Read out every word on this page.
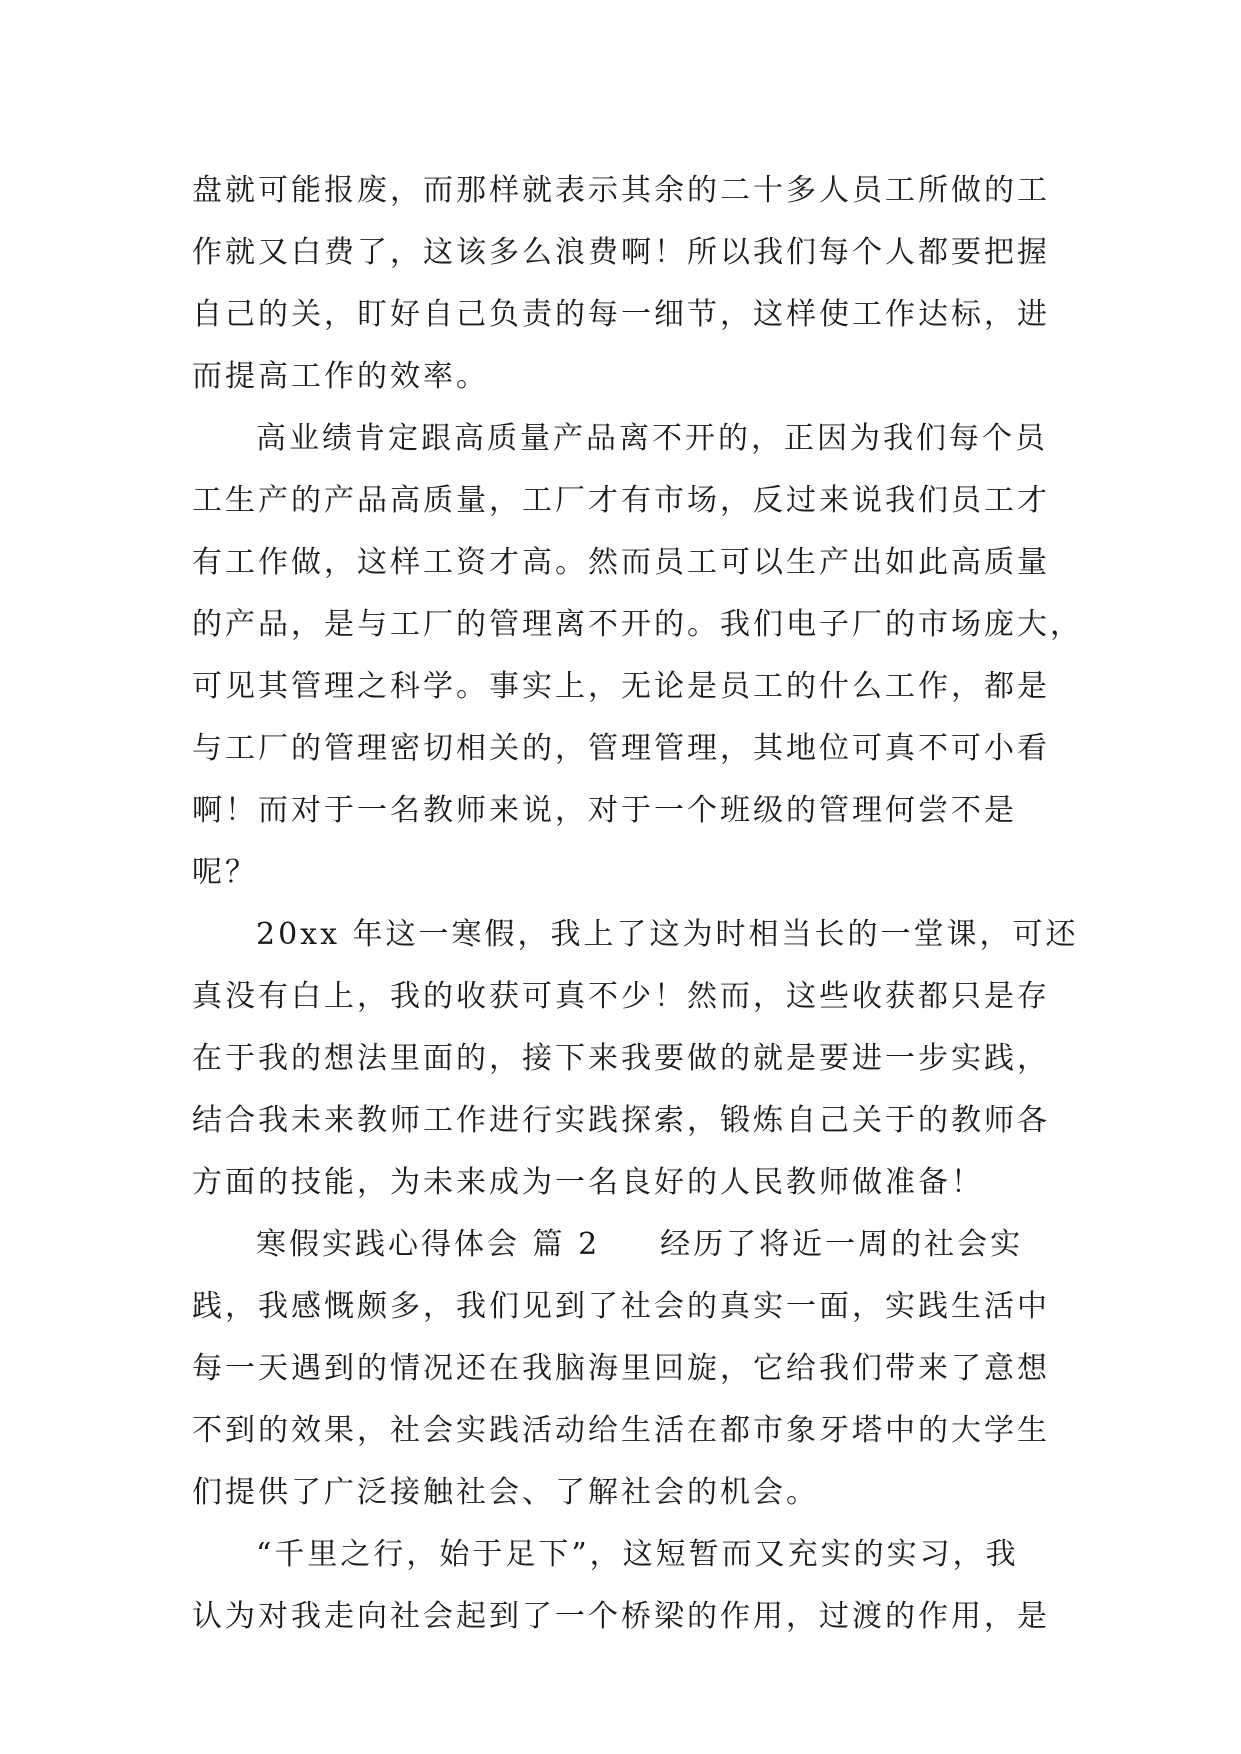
盘就可能报废，而那样就表示其余的二十多人员工所做的工
作就又白费了，这该多么浪费啊！所以我们每个人都要把握
自己的关，盯好自己负责的每一细节，这样使工作达标，进
而提高工作的效率。
高业绩肯定跟高质量产品离不开的，正因为我们每个员
工生产的产品高质量，工厂才有市场，反过来说我们员工才
有工作做，这样工资才高。然而员工可以生产出如此高质量
的产品，是与工厂的管理离不开的。我们电子厂的市场庞大，
可见其管理之科学。事实上，无论是员工的什么工作，都是
与工厂的管理密切相关的，管理管理，其地位可真不可小看
啊！而对于一名教师来说，对于一个班级的管理何尝不是
呢？
20xx 年这一寒假，我上了这为时相当长的一堂课，可还
真没有白上，我的收获可真不少！然而，这些收获都只是存
在于我的想法里面的，接下来我要做的就是要进一步实践，
结合我未来教师工作进行实践探索，锻炼自己关于的教师各
方面的技能，为未来成为一名良好的人民教师做准备！
寒假实践心得体会 篇 2 经历了将近一周的社会实
践，我感慨颇多，我们见到了社会的真实一面，实践生活中
每一天遇到的情况还在我脑海里回旋，它给我们带来了意想
不到的效果，社会实践活动给生活在都市象牙塔中的大学生
们提供了广泛接触社会、了解社会的机会。
“千里之行，始于足下”，这短暂而又充实的实习，我
认为对我走向社会起到了一个桥梁的作用，过渡的作用，是
